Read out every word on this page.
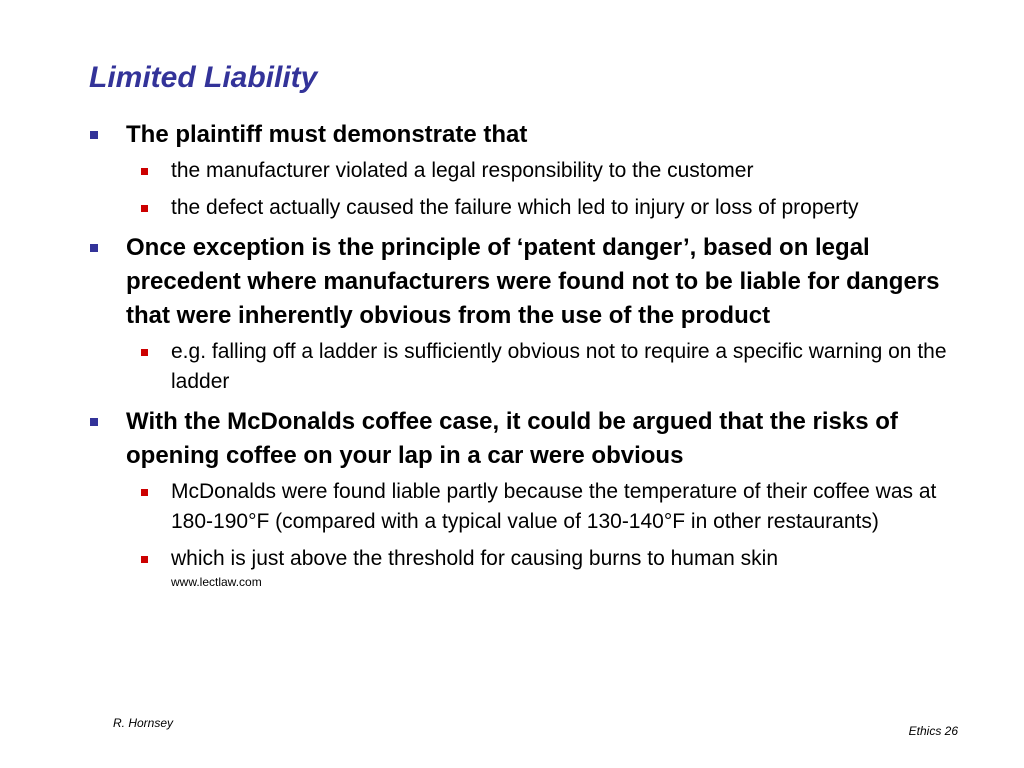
Limited Liability
The plaintiff must demonstrate that
the manufacturer violated a legal responsibility to the customer
the defect actually caused the failure which led to injury or loss of property
Once exception is the principle of ‘patent danger’, based on legal precedent where manufacturers were found not to be liable for dangers that were inherently obvious from the use of the product
e.g. falling off a ladder is sufficiently obvious not to require a specific warning on the ladder
With the McDonalds coffee case, it could be argued that the risks of opening coffee on your lap in a car were obvious
McDonalds were found liable partly because the temperature of their coffee was at 180-190°F (compared with a typical value of 130-140°F in other restaurants)
which is just above the threshold for causing burns to human skin
www.lectlaw.com
R. Hornsey
Ethics 26
